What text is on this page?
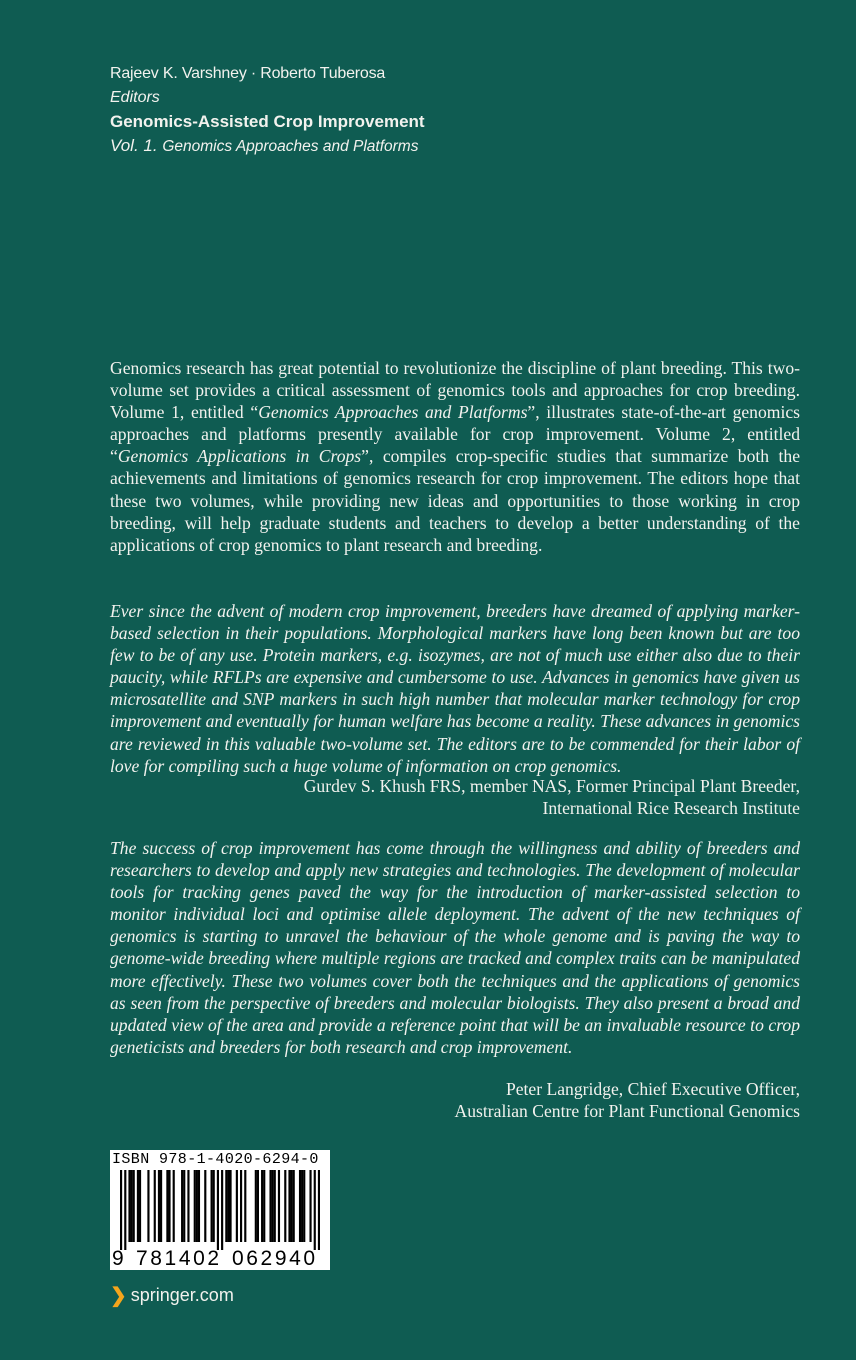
Rajeev K. Varshney · Roberto Tuberosa
Editors
Genomics-Assisted Crop Improvement
Vol. 1. Genomics Approaches and Platforms
Genomics research has great potential to revolutionize the discipline of plant breeding. This two-volume set provides a critical assessment of genomics tools and approaches for crop breeding. Volume 1, entitled “Genomics Approaches and Platforms”, illustrates state-of-the-art genomics approaches and platforms presently available for crop improvement. Volume 2, entitled “Genomics Applications in Crops”, compiles crop-specific studies that summarize both the achievements and limitations of genomics research for crop improvement. The editors hope that these two volumes, while providing new ideas and opportunities to those working in crop breeding, will help graduate students and teachers to develop a better understanding of the applications of crop genomics to plant research and breeding.
Ever since the advent of modern crop improvement, breeders have dreamed of applying marker-based selection in their populations. Morphological markers have long been known but are too few to be of any use. Protein markers, e.g. isozymes, are not of much use either also due to their paucity, while RFLPs are expensive and cumbersome to use. Advances in genomics have given us microsatellite and SNP markers in such high number that molecular marker technology for crop improvement and eventually for human welfare has become a reality. These advances in genomics are reviewed in this valuable two-volume set. The editors are to be commended for their labor of love for compiling such a huge volume of information on crop genomics.
Gurdev S. Khush FRS, member NAS, Former Principal Plant Breeder,
International Rice Research Institute
The success of crop improvement has come through the willingness and ability of breeders and researchers to develop and apply new strategies and technologies. The development of molecular tools for tracking genes paved the way for the introduction of marker-assisted selection to monitor individual loci and optimise allele deployment. The advent of the new techniques of genomics is starting to unravel the behaviour of the whole genome and is paving the way to genome-wide breeding where multiple regions are tracked and complex traits can be manipulated more effectively. These two volumes cover both the techniques and the applications of genomics as seen from the perspective of breeders and molecular biologists. They also present a broad and updated view of the area and provide a reference point that will be an invaluable resource to crop geneticists and breeders for both research and crop improvement.
Peter Langridge, Chief Executive Officer,
Australian Centre for Plant Functional Genomics
ISBN 978-1-4020-6294-0
9 781402 062940
❯ springer.com
